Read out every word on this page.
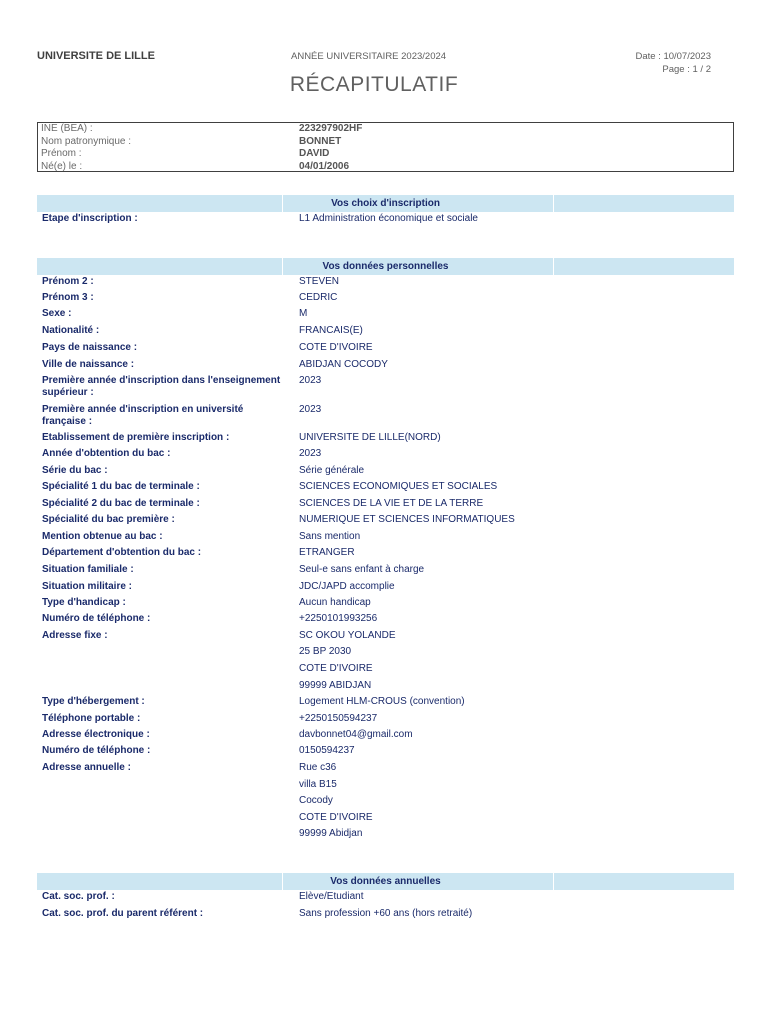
UNIVERSITE DE LILLE	ANNÉE UNIVERSITAIRE 2023/2024	Date : 10/07/2023
Page : 1 / 2
RÉCAPITULATIF
INE (BEA) :	223297902HF
Nom patronymique :	BONNET
Prénom :	DAVID
Né(e) le :	04/01/2006
Vos choix d'inscription
Etape d'inscription :	L1 Administration économique et sociale
Vos données personnelles
Prénom 2 :	STEVEN
Prénom 3 :	CEDRIC
Sexe :	M
Nationalité :	FRANCAIS(E)
Pays de naissance :	COTE D'IVOIRE
Ville de naissance :	ABIDJAN COCODY
Première année d'inscription dans l'enseignement supérieur :
2023
Première année d'inscription en université française :
2023
Etablissement de première inscription :	UNIVERSITE DE LILLE(NORD)
Année d'obtention du bac :	2023
Série du bac :	Série générale
Spécialité 1 du bac de terminale :	SCIENCES ECONOMIQUES ET SOCIALES
Spécialité 2 du bac de terminale :	SCIENCES DE LA VIE ET DE LA TERRE
Spécialité du bac première :	NUMERIQUE ET SCIENCES INFORMATIQUES
Mention obtenue au bac :	Sans mention
Département d'obtention du bac :	ETRANGER
Situation familiale :	Seul-e sans enfant à charge
Situation militaire :	JDC/JAPD accomplie
Type d'handicap :	Aucun handicap
Numéro de téléphone :	+2250101993256
Adresse fixe :	SC OKOU YOLANDE
25 BP 2030
COTE D'IVOIRE
99999 ABIDJAN
Type d'hébergement :	Logement HLM-CROUS (convention)
Téléphone portable :	+2250150594237
Adresse électronique :	davbonnet04@gmail.com
Numéro de téléphone :	0150594237
Adresse annuelle :	Rue c36
villa B15
Cocody
COTE D'IVOIRE
99999 Abidjan
Vos données annuelles
Cat. soc. prof. :	Elève/Etudiant
Cat. soc. prof. du parent référent :	Sans profession +60 ans (hors retraité)
